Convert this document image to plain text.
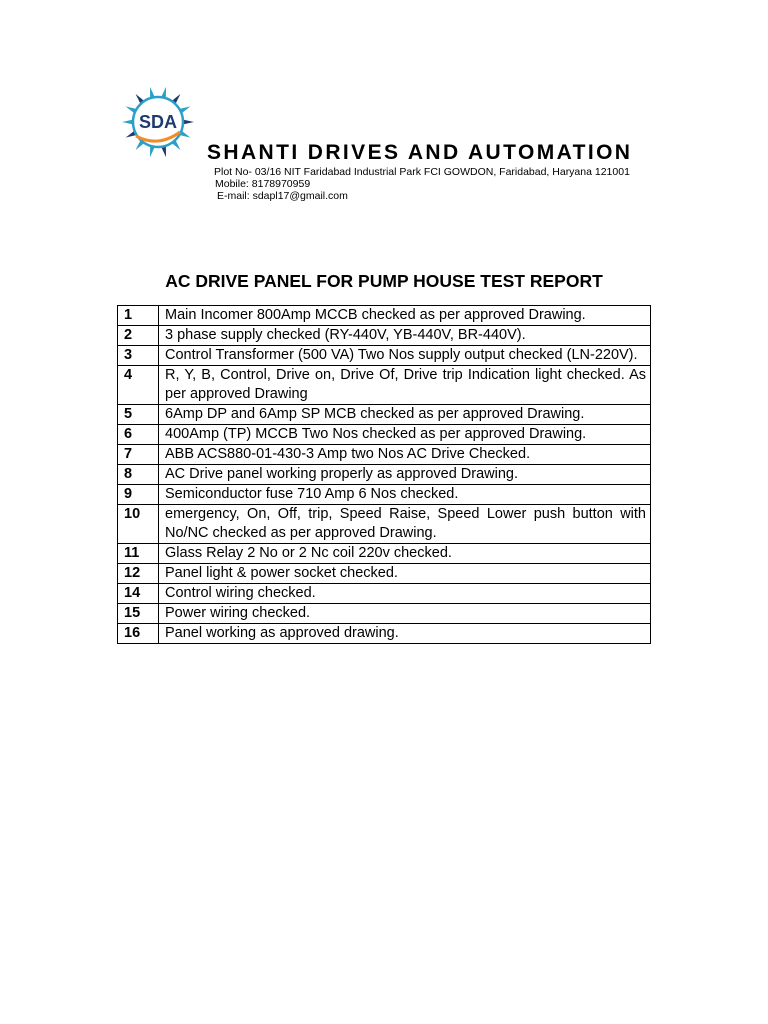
SDA
SHANTI DRIVES AND AUTOMATION
Plot No- 03/16 NIT Faridabad Industrial Park FCI GOWDON, Faridabad, Haryana 121001
Mobile: 8178970959
E-mail: sdapl17@gmail.com
AC DRIVE PANEL FOR PUMP HOUSE TEST REPORT
1	Main Incomer 800Amp MCCB checked as per approved Drawing.
2	3 phase supply checked (RY-440V, YB-440V, BR-440V).
3	Control Transformer (500 VA) Two Nos supply output checked (LN-220V).
4	R, Y, B, Control, Drive on, Drive Of, Drive trip Indication light checked. As per approved Drawing
5	6Amp DP and 6Amp SP MCB checked as per approved Drawing.
6	400Amp (TP) MCCB Two Nos checked as per approved Drawing.
7	ABB ACS880-01-430-3 Amp two Nos AC Drive Checked.
8	AC Drive panel working properly as approved Drawing.
9	Semiconductor fuse 710 Amp 6 Nos checked.
10	emergency, On, Off, trip, Speed Raise, Speed Lower push button with No/NC checked as per approved Drawing.
11	Glass Relay 2 No or 2 Nc coil 220v checked.
12	Panel light & power socket checked.
14	Control wiring checked.
15	Power wiring checked.
16	Panel working as approved drawing.
